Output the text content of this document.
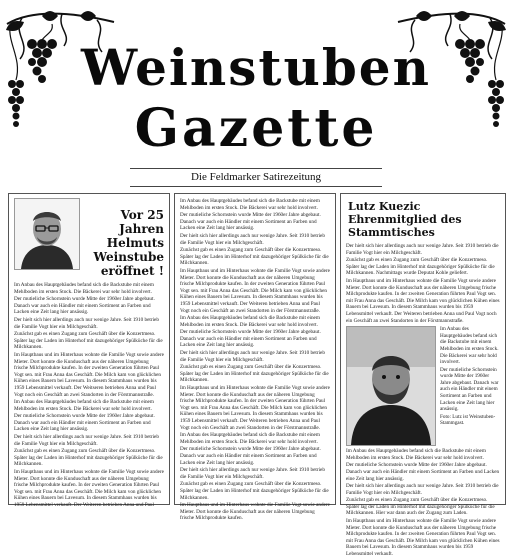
Weinstuben
Gazette
Die Feldmarker Satirezeitung
Vor 25 Jahren Helmuts Weinstube eröffnet !

Im Anbau des Hauptgebäudes befand sich die Backstube mit einem Mehlboden im ersten Stock. Die Bäckerei war sehr hold involvert.

Der mutieliche Schornstein wurde Mitte der 1960er Jahre abgebaut. Danach war auch ein Händler mit einem Sortiment an Farben und Lacken eine Zeit lang hier ansässig.

Der hielt sich hier allerdings auch nur wenige Jahre. Seit 1910 betrieb die Familie Vogt hier ein Milchgeschäft.

Zunächst gab es einen Zugang zum Geschäft über die Konzertmeso. Später lag der Laden im Hinterhof mit dazugehöriger Spülküche für die Milchkannen.

Im Hauptbaus und im Hinterhaus wohnte die Familie Vogt sowie andere Mieter. Dort konnte die Kunduschaft aus der näheren Umgebung frische Milchprodukte kaufen. In der zweiten Generation führten Paul Vogt sen. mit Frau Anna das Geschäft. Die Milch kam von glücklichen Kühen eines Bauern bei Lavesum. In diesem Stammhaus wurden bis 1959 Lebensmittel verkauft. Der Weitseren betrieben Anna und Paul Vogt noch ein Geschäft an zwei Standorten in der Förstmannstraße.

Im Anbau des Hauptgebäudes befand sich die Backstube mit einem Mehlboden im ersten Stock. Die Bäckerei war sehr hold involvert.

Der mutieliche Schornstein wurde Mitte der 1960er Jahre abgebaut. Danach war auch ein Händler mit einem Sortiment an Farben und Lacken eine Zeit lang hier ansässig.

Der hielt sich hier allerdings auch nur wenige Jahre. Seit 1910 betrieb die Familie Vogt hier ein Milchgeschäft.

Zunächst gab es einen Zugang zum Geschäft über die Konzertmeso. Später lag der Laden im Hinterhof mit dazugehöriger Spülküche für die Milchkannen.

Im Hauptbaus und im Hinterhaus wohnte die Familie Vogt sowie andere Mieter. Dort konnte die Kunduschaft aus der näheren Umgebung frische Milchprodukte kaufen. In der zweiten Generation führten Paul Vogt sen. mit Frau Anna das Geschäft. Die Milch kam von glücklichen Kühen eines Bauern bei Lavesum. In diesem Stammhaus wurden bis 1959 Lebensmittel verkauft. Der Weiteren betrieben Anna und Paul

Im Anbau des Hauptgebäudes befand sich die Backstube mit einem Mehlboden im ersten Stock. Die Bäckerei war sehr hold involvert.

Der mutieliche Schornstein wurde Mitte der 1960er Jahre abgebaut. Danach war auch ein Händler mit einem Sortiment an Farben und Lacken eine Zeit lang hier ansässig.

Der hielt sich hier allerdings auch nur wenige Jahre. Seit 1910 betrieb die Familie Vogt hier ein Milchgeschäft.

Zunächst gab es einen Zugang zum Geschäft über die Konzertmeso. Später lag der Laden im Hinterhof mit dazugehöriger Spülküche für die Milchkannen.

Im Hauptbaus und im Hinterhaus wohnte die Familie Vogt sowie andere Mieter. Dort konnte die Kunduschaft aus der näheren Umgebung frische Milchprodukte kaufen. In der zweiten Generation führten Paul Vogt sen. mit Frau Anna das Geschäft. Die Milch kam von glücklichen Kühen eines Bauern bei Lavesum. In diesem Stammhaus wurden bis 1959 Lebensmittel verkauft. Der Weiteren betrieben Anna und Paul Vogt noch ein Geschäft an zwei Standorten in der Förstmannstraße.

Im Anbau des Hauptgebäudes befand sich die Backstube mit einem Mehlboden im ersten Stock. Die Bäckerei war sehr hold involvert.

Der mutieliche Schornstein wurde Mitte der 1960er Jahre abgebaut. Danach war auch ein Händler mit einem Sortiment an Farben und Lacken eine Zeit lang hier ansässig.

Der hielt sich hier allerdings auch nur wenige Jahre. Seit 1910 betrieb die Familie Vogt hier ein Milchgeschäft.

Zunächst gab es einen Zugang zum Geschäft über die Konzertmeso. Später lag der Laden im Hinterhof mit dazugehöriger Spülküche für die Milchkannen.

Im Hauptbaus und im Hinterhaus wohnte die Familie Vogt sowie andere Mieter. Dort konnte die Kunduschaft aus der näheren Umgebung frische Milchprodukte kaufen. In der zweiten Generation führten Paul Vogt sen. mit Frau Anna das Geschäft. Die Milch kam von glücklichen Kühen eines Bauern bei Lavesum. In diesem Stammhaus wurden bis 1959 Lebensmittel verkauft. Der Weiteren betrieben Anna und Paul Vogt noch ein Geschäft an zwei Standorten in der Förstmannstraße.

Im Anbau des Hauptgebäudes befand sich die Backstube mit einem Mehlboden im ersten Stock. Die Bäckerei war sehr hold involvert.

Der mutieliche Schornstein wurde Mitte der 1960er Jahre abgebaut. Danach war auch ein Händler mit einem Sortiment an Farben und Lacken eine Zeit lang hier ansässig.

Der hielt sich hier allerdings auch nur wenige Jahre. Seit 1910 betrieb die Familie Vogt hier ein Milchgeschäft.

Zunächst gab es einen Zugang zum Geschäft über die Konzertmeso. Später lag der Laden im Hinterhof mit dazugehöriger Spülküche für die Milchkannen.

Im Hauptbaus und im Hinterhaus wohnte die Familie Vogt sowie andere Mieter. Dort konnte die Kunduschaft aus der näheren Umgebung frische Milchprodukte kaufen.

Lutz Kuezic Ehrenmitglied des Stammtisches

Der hielt sich hier allerdings auch nur wenige Jahre. Seit 1910 betrieb die Familie Vogt hier ein Milchgeschäft.

Zunächst gab es einen Zugang zum Geschäft über die Konzertmeso. Später lag der Laden im Hinterhof mit dazugehöriger Spülküche für die Milchkannen. Nachmittags wurde Deputat Kohle geliefert.

Im Hauptbaus und im Hinterhaus wohnte die Familie Vogt sowie andere Mieter. Dort konnte die Kunduschaft aus der näheren Umgebung frische Milchprodukte kaufen. In der zweiten Generation führten Paul Vogt sen. mit Frau Anna das Geschäft. Die Milch kam von glücklichen Kühen eines Bauern bei Lavesum. In diesem Stammhaus wurden bis 1959 Lebensmittel verkauft. Der Weiteren betrieben Anna und Paul Vogt noch ein Geschäft an zwei Standorten in der Förstmannstraße.

Im Anbau des Hauptgebäudes befand sich die Backstube mit einem Mehlboden im ersten Stock. Die Bäckerei war sehr hold involvert.

Der mutieliche Schornstein wurde Mitte der 1960er Jahre abgebaut. Danach war auch ein Händler mit einem Sortiment an Farben und Lacken eine Zeit lang hier ansässig.

Foto: Lutz ist Weinstuben-Stammgast.

Im Anbau des Hauptgebäudes befand sich die Backstube mit einem Mehlboden im ersten Stock. Die Bäckerei war sehr hold involvert.

Der mutieliche Schornstein wurde Mitte der 1960er Jahre abgebaut. Danach war auch ein Händler mit einem Sortiment an Farben und Lacken eine Zeit lang hier ansässig.

Der hielt sich hier allerdings auch nur wenige Jahre. Seit 1910 betrieb die Familie Vogt hier ein Milchgeschäft.

Zunächst gab es einen Zugang zum Geschäft über die Konzertmeso. Später lag der Laden im Hinterhof mit dazugehöriger Spülküche für die Milchkannen. Hier war dann auch der Zugang zum Laden.

Im Hauptbaus und im Hinterhaus wohnte die Familie Vogt sowie andere Mieter. Dort konnte die Kunduschaft aus der näheren Umgebung frische Milchprodukte kaufen. In der zweiten Generation führten Paul Vogt sen. mit Frau Anna das Geschäft. Die Milch kam von glücklichen Kühen eines Bauern bei Lavesum. In diesem Stammhaus wurden bis 1959 Lebensmittel verkauft.
